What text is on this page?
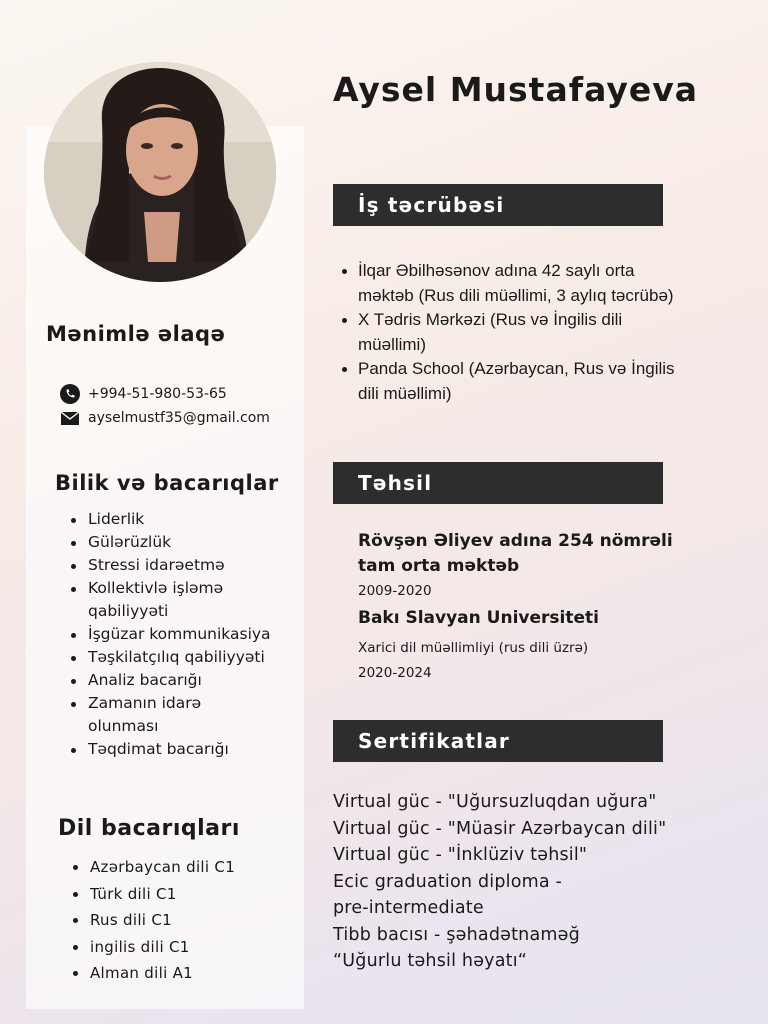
Mənimlə əlaqə
+994-51-980-53-65
ayselmustf35@gmail.com
Bilik və bacarıqlar
Liderlik
Gülərüzlük
Stressi idarəetmə
Kollektivlə işləmə qabiliyyəti
İşgüzar kommunikasiya
Təşkilatçılıq qabiliyyəti
Analiz bacarığı
Zamanın idarə olunması
Təqdimat bacarığı
Dil bacarıqları
Azərbaycan dili C1
Türk dili C1
Rus dili C1
ingilis dili C1
Alman dili A1
Aysel Mustafayeva
İş təcrübəsi
İlqar Əbilhəsənov adına 42 saylı orta məktəb (Rus dili müəllimi, 3 aylıq təcrübə)
X Tədris Mərkəzi (Rus və İngilis dili müəllimi)
Panda School (Azərbaycan, Rus və İngilis dili müəllimi)
Təhsil

Rövşən Əliyev adına 254 nömrəli tam orta məktəb

2009-2020

Bakı Slavyan Universiteti

Xarici dil müəllimliyi (rus dili üzrə)

2020-2024

Sertifikatlar
Virtual güc - "Uğursuzluqdan uğura"
Virtual güc - "Müasir Azərbaycan dili"
Virtual güc - "İnklüziv təhsil"
Ecic graduation diploma -
pre-intermediate
Tibb bacısı - şəhadətnaməğ
“Uğurlu təhsil həyatı“
